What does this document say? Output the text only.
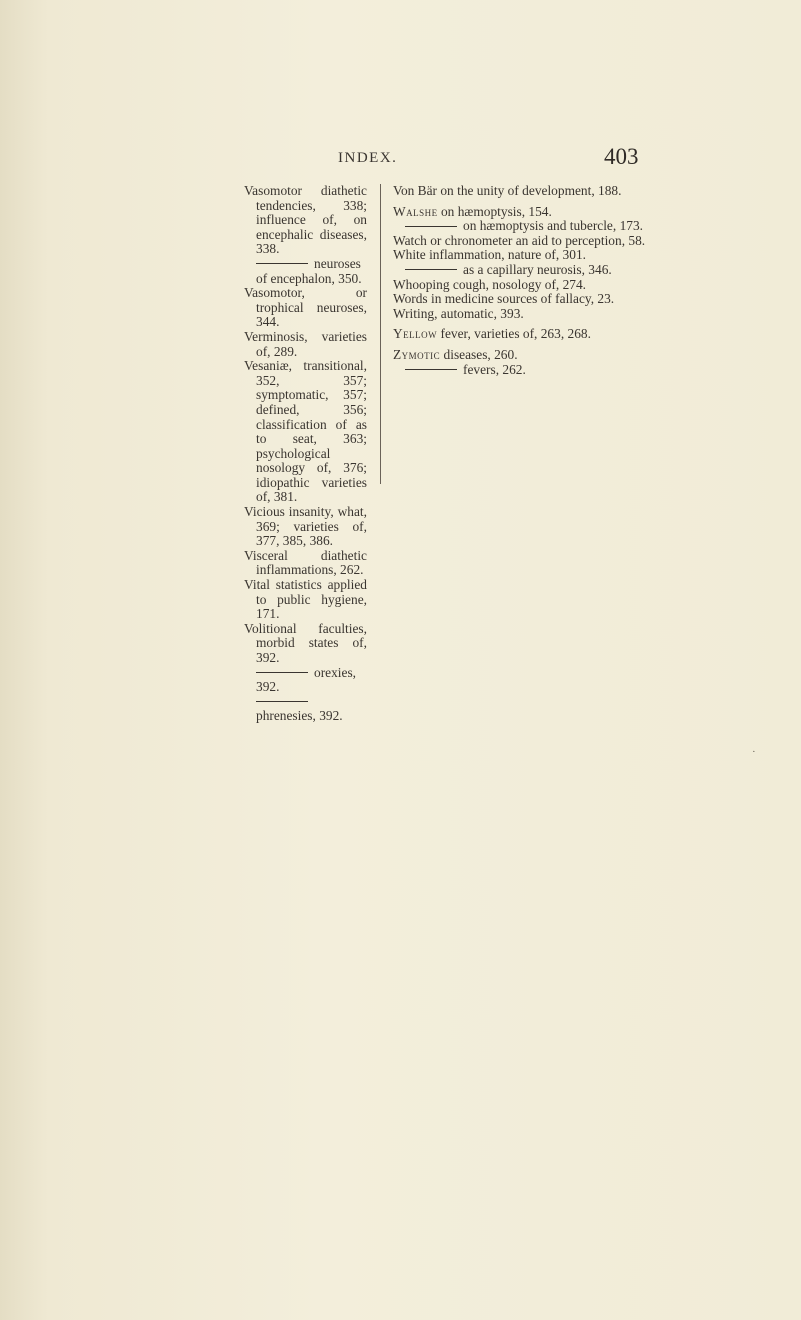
INDEX.	403

Vasomotor diathetic tendencies, 338; influence of, on encephalic diseases, 338.

neuroses of encephalon, 350.

Vasomotor, or trophical neuroses, 344.

Verminosis, varieties of, 289.

Vesaniæ, transitional, 352, 357; symptomatic, 357; defined, 356; classification of as to seat, 363; psychological nosology of, 376; idiopathic varieties of, 381.

Vicious insanity, what, 369; varieties of, 377, 385, 386.

Visceral diathetic inflammations, 262.

Vital statistics applied to public hygiene, 171.

Volitional faculties, morbid states of, 392.

orexies, 392.

phrenesies, 392.

Von Bär on the unity of development, 188.

Walshe on hæmoptysis, 154.

on hæmoptysis and tubercle, 173.

Watch or chronometer an aid to perception, 58.

White inflammation, nature of, 301.

as a capillary neurosis, 346.

Whooping cough, nosology of, 274.

Words in medicine sources of fallacy, 23.

Writing, automatic, 393.

Yellow fever, varieties of, 263, 268.

Zymotic diseases, 260.

fevers, 262.

·
